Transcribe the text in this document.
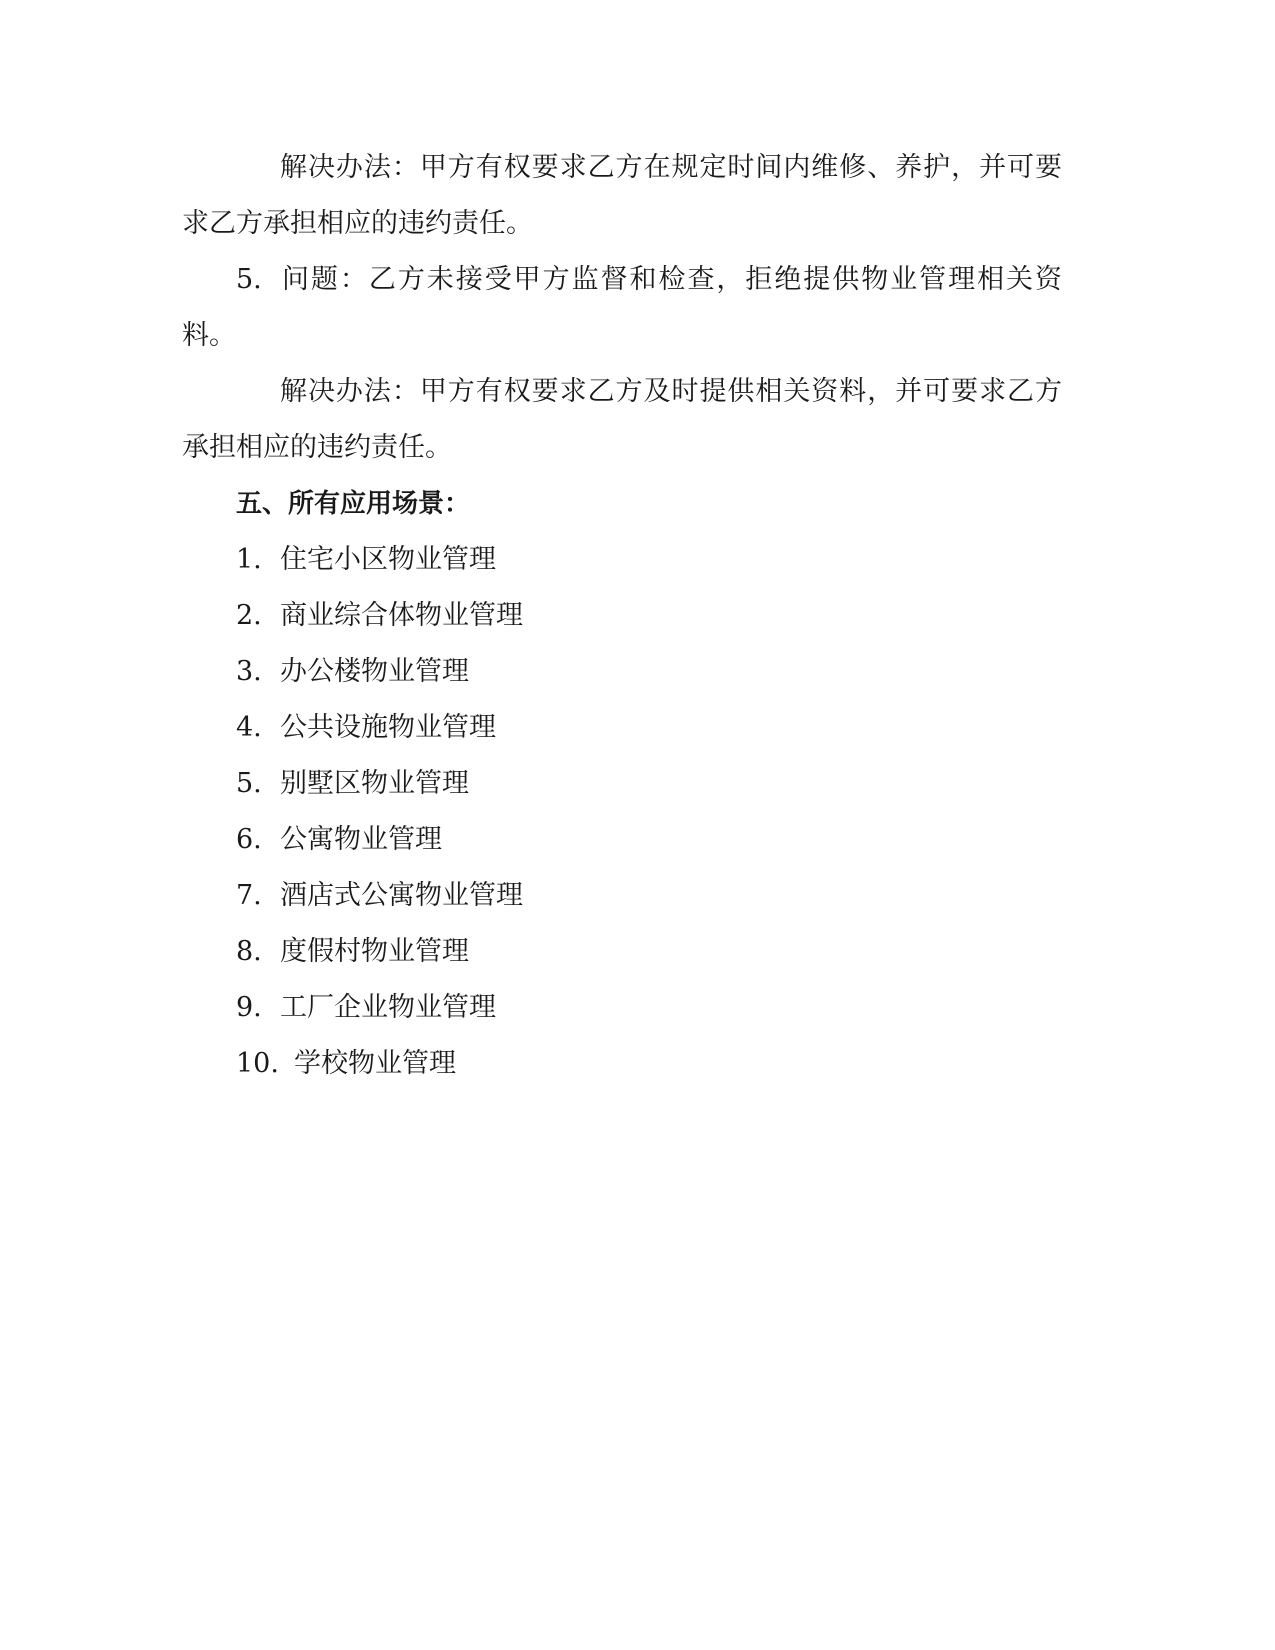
解决办法：甲方有权要求乙方在规定时间内维修、养护，并可要求乙方承担相应的违约责任。

5. 问题：乙方未接受甲方监督和检查，拒绝提供物业管理相关资料。

解决办法：甲方有权要求乙方及时提供相关资料，并可要求乙方承担相应的违约责任。

五、所有应用场景：

1. 住宅小区物业管理
2. 商业综合体物业管理
3. 办公楼物业管理
4. 公共设施物业管理
5. 别墅区物业管理
6. 公寓物业管理
7. 酒店式公寓物业管理
8. 度假村物业管理
9. 工厂企业物业管理
10. 学校物业管理
